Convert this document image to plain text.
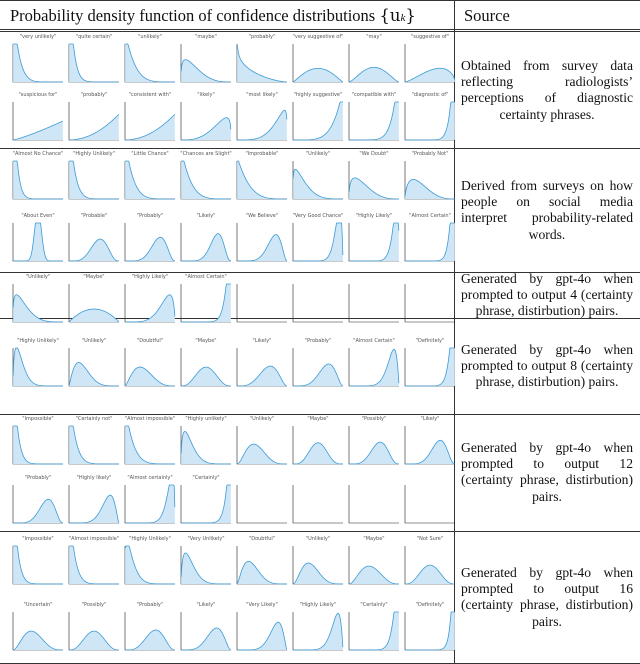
Probability density function of confidence distributions {uk}	Source
"very unlikely"	"quite certain"	"unlikely"	"maybe"	"probably"	"very suggestive of"	"may"	"suggestive of"
"suspicious for"	"probably"	"consistent with"	"likely"	"most likely"	"highly suggestive"	"compatible with"	"diagnostic of"
Obtained from survey data reflecting radiologists’ perceptions of diagnostic certainty phrases.
"Almost No Chance"	"Highly Unlikely"	"Little Chance"	"Chances are Slight"	"Improbable"	"Unlikely"	"We Doubt"	"Probably Not"
"About Even"	"Probable"	"Probably"	"Likely"	"We Believe"	"Very Good Chance"	"Highly Likely"	"Almost Certain"
Derived from surveys on how people on social media interpret probability-related words.
"Unlikely"	"Maybe"	"Highly Likely"	"Almost Certain"	Generated by gpt-4o when prompted to output 4 (certainty phrase, distirbution) pairs.
"Highly Unlikely"	"Unlikely"	"Doubtful"	"Maybe"	"Likely"	"Probably"	"Almost Certain"	"Definitely"
Generated by gpt-4o when prompted to output 8 (certainty phrase, distirbution) pairs.
"Impossible"	"Certainly not"	"Almost impossible"	"Highly unlikely"	"Unlikely"	"Maybe"	"Possibly"	"Likely"
"Probably"	"Highly likely"	"Almost certainly"	"Certainly"
Generated by gpt-4o when prompted to output 12 (certainty phrase, distirbution) pairs.
"Impossible"	"Almost impossible"	"Highly Unlikely"	"Very Unlikely"	"Doubtful"	"Unlikely"	"Maybe"	"Not Sure"
"Uncertain"	"Possibly"	"Probably"	"Likely"	"Very Likely"	"Highly Likely"	"Certainly"	"Definitely"
Generated by gpt-4o when prompted to output 16 (certainty phrase, distirbution) pairs.
